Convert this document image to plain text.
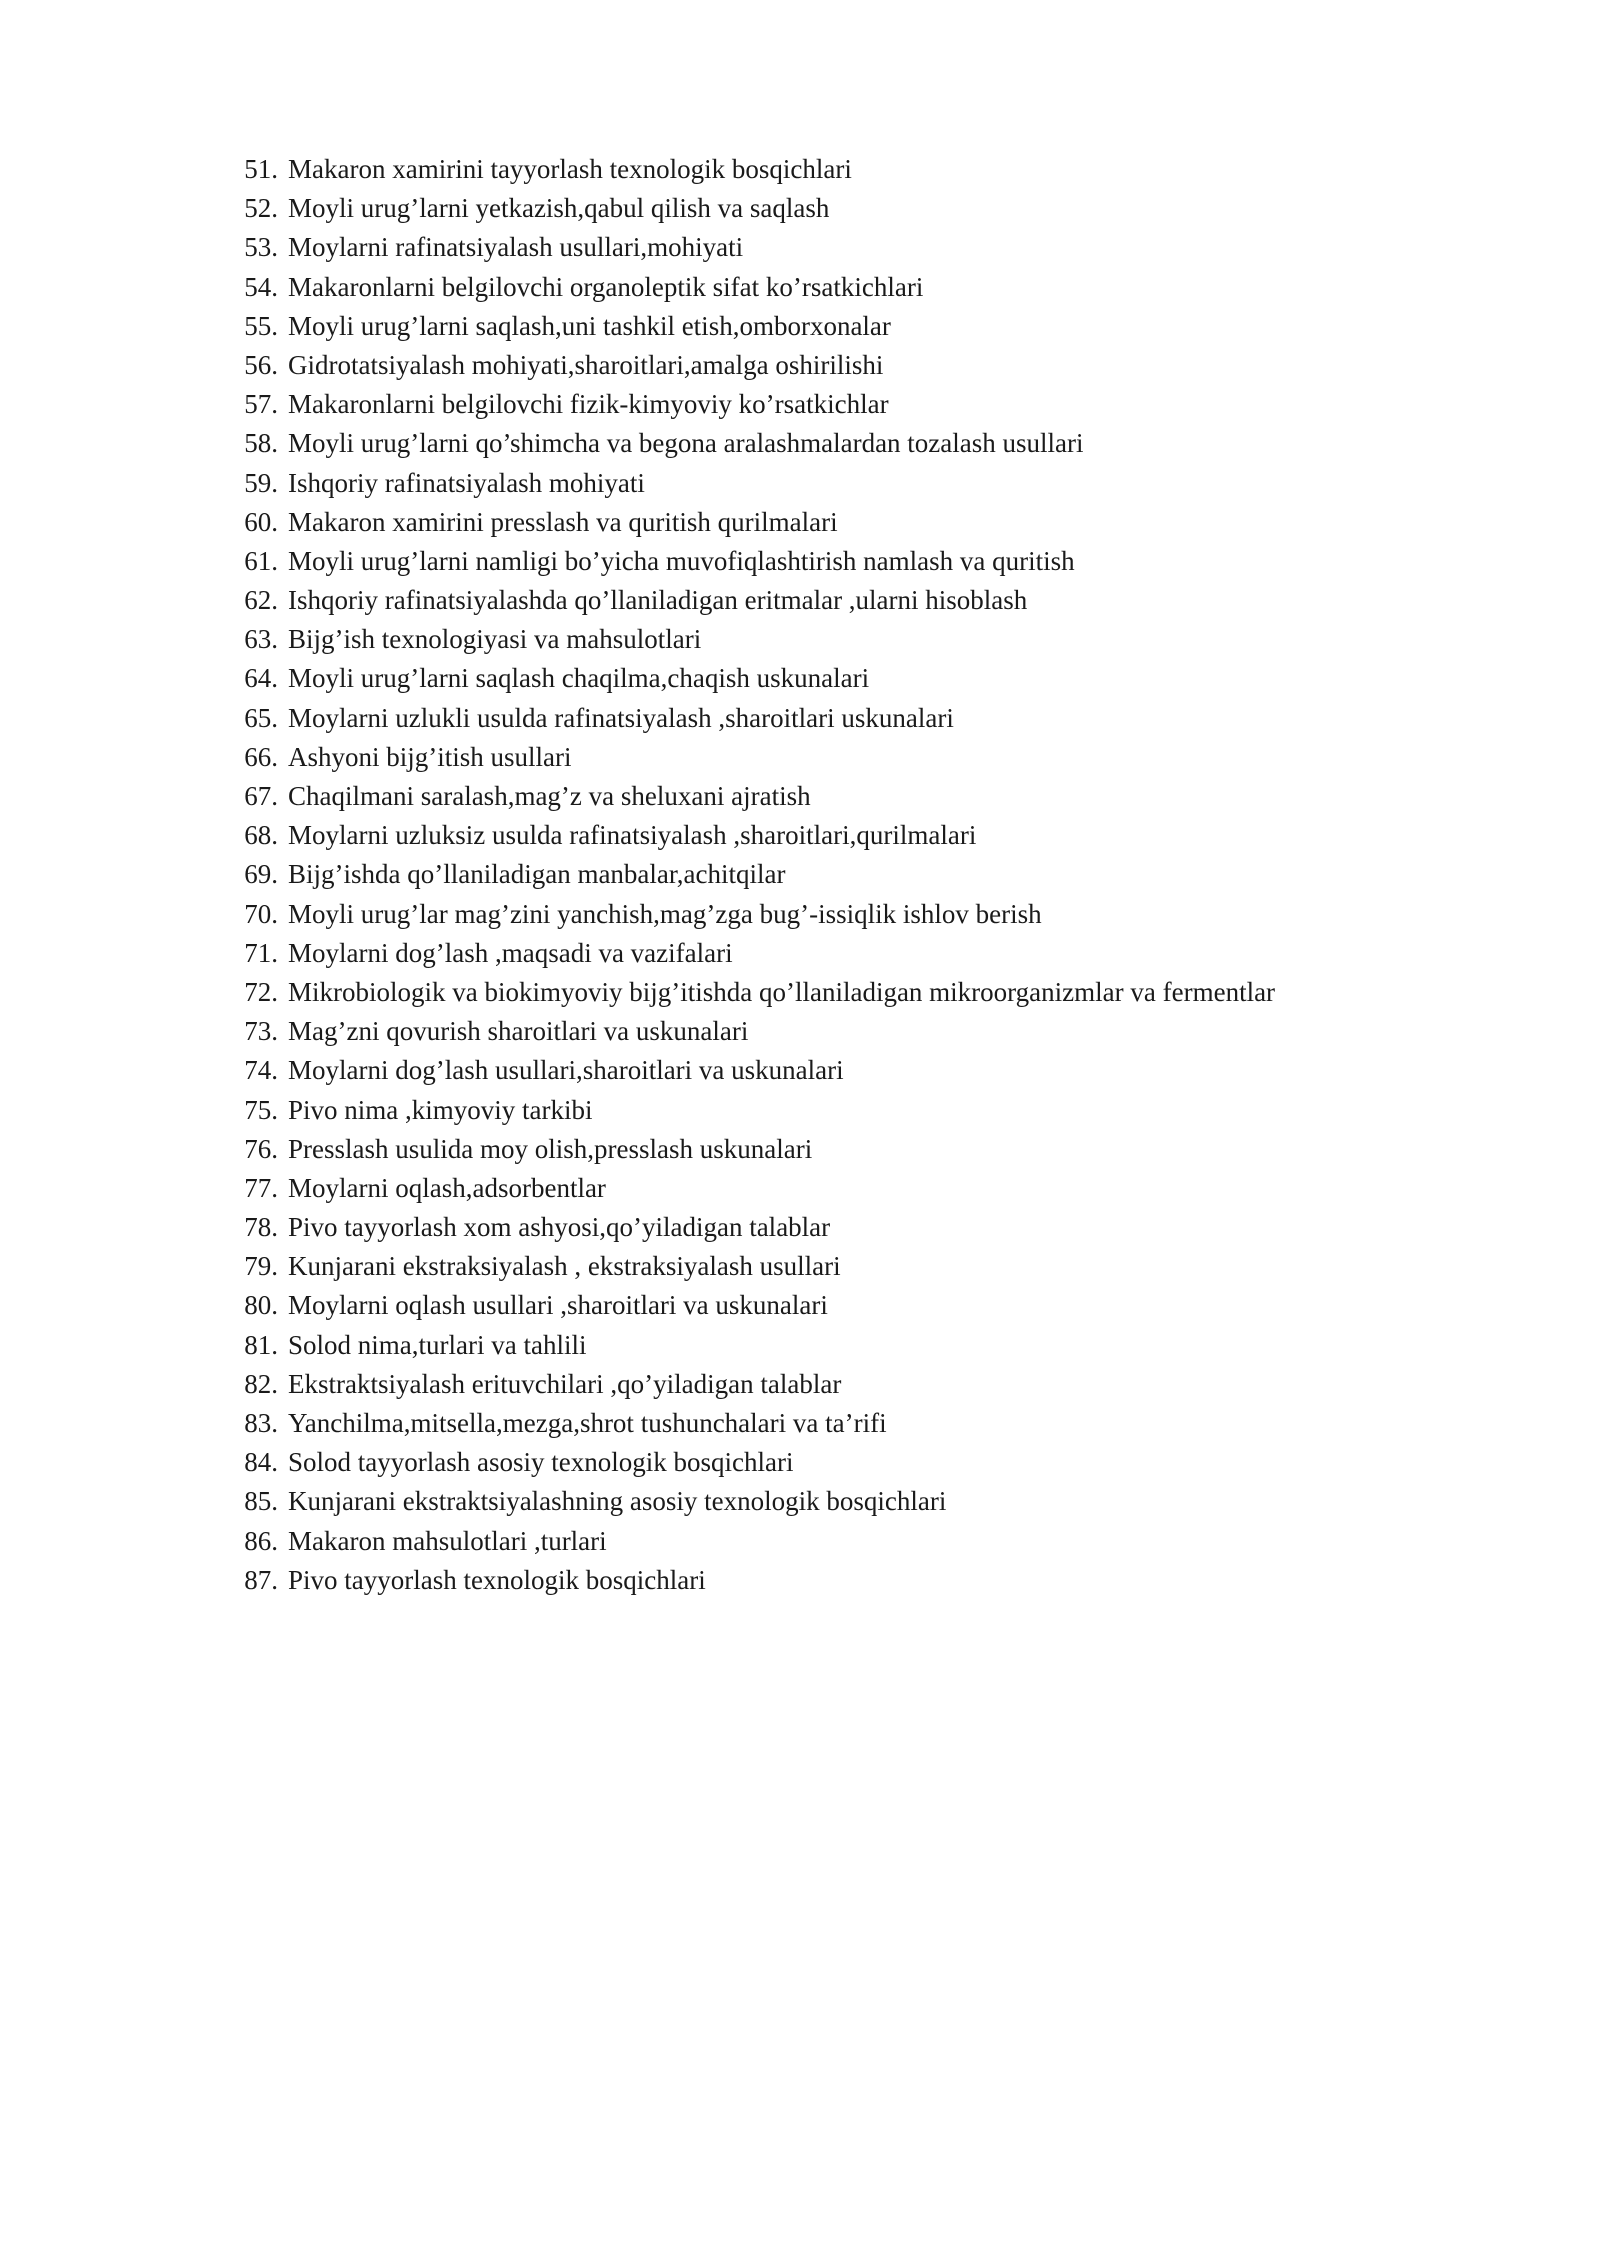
51. Makaron xamirini tayyorlash texnologik bosqichlari
52. Moyli urug’larni yetkazish,qabul qilish va saqlash
53. Moylarni rafinatsiyalash usullari,mohiyati
54. Makaronlarni belgilovchi organoleptik sifat ko’rsatkichlari
55. Moyli urug’larni saqlash,uni tashkil etish,omborxonalar
56. Gidrotatsiyalash mohiyati,sharoitlari,amalga oshirilishi
57. Makaronlarni belgilovchi fizik-kimyoviy ko’rsatkichlar
58. Moyli urug’larni qo’shimcha va begona aralashmalardan tozalash usullari
59. Ishqoriy rafinatsiyalash mohiyati
60. Makaron xamirini presslash va quritish qurilmalari
61. Moyli urug’larni namligi bo’yicha muvofiqlashtirish namlash va quritish
62. Ishqoriy rafinatsiyalashda qo’llaniladigan eritmalar ,ularni hisoblash
63. Bijg’ish texnologiyasi va mahsulotlari
64. Moyli urug’larni saqlash chaqilma,chaqish uskunalari
65. Moylarni uzlukli usulda rafinatsiyalash ,sharoitlari uskunalari
66. Ashyoni bijg’itish usullari
67. Chaqilmani saralash,mag’z va sheluxani ajratish
68. Moylarni uzluksiz usulda rafinatsiyalash ,sharoitlari,qurilmalari
69. Bijg’ishda qo’llaniladigan manbalar,achitqilar
70. Moyli urug’lar mag’zini yanchish,mag’zga bug’-issiqlik ishlov berish
71. Moylarni dog’lash ,maqsadi va vazifalari
72. Mikrobiologik va biokimyoviy bijg’itishda qo’llaniladigan mikroorganizmlar va fermentlar
73. Mag’zni qovurish sharoitlari va uskunalari
74. Moylarni dog’lash usullari,sharoitlari va uskunalari
75. Pivo nima ,kimyoviy tarkibi
76. Presslash usulida moy olish,presslash uskunalari
77. Moylarni oqlash,adsorbentlar
78. Pivo tayyorlash xom ashyosi,qo’yiladigan talablar
79. Kunjarani ekstraksiyalash , ekstraksiyalash usullari
80. Moylarni oqlash usullari ,sharoitlari va uskunalari
81. Solod nima,turlari va tahlili
82. Ekstraktsiyalash erituvchilari ,qo’yiladigan talablar
83. Yanchilma,mitsella,mezga,shrot tushunchalari va ta’rifi
84. Solod tayyorlash asosiy texnologik bosqichlari
85. Kunjarani ekstraktsiyalashning asosiy texnologik bosqichlari
86. Makaron mahsulotlari ,turlari
87. Pivo tayyorlash texnologik bosqichlari
